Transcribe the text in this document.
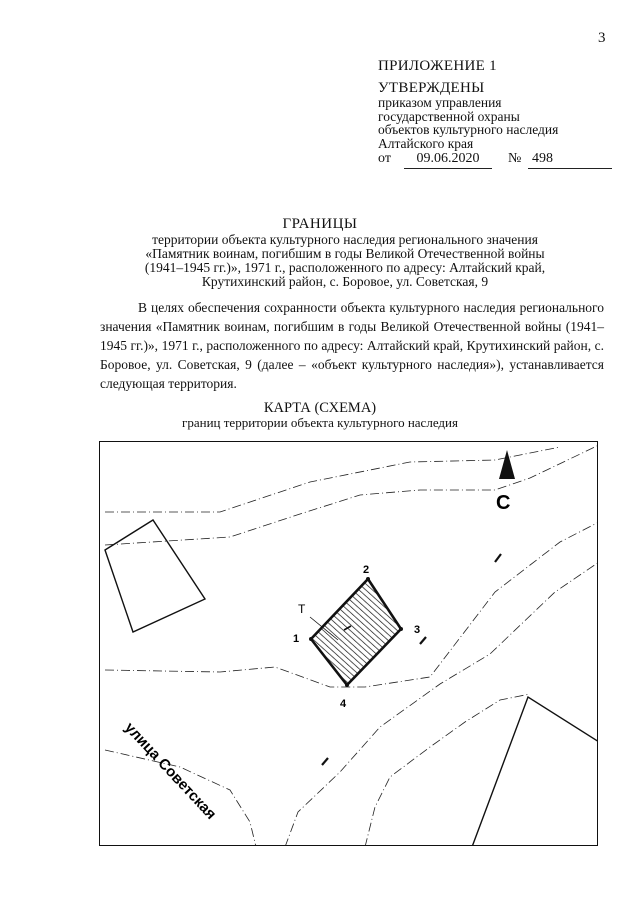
3
ПРИЛОЖЕНИЕ 1
УТВЕРЖДЕНЫ
приказом управления
государственной охраны
объектов культурного наследия
Алтайского края
от	09.06.2020	№ 498
ГРАНИЦЫ
территории объекта культурного наследия регионального значения
«Памятник воинам, погибшим в годы Великой Отечественной войны
(1941–1945 гг.)», 1971 г., расположенного по адресу: Алтайский край,
Крутихинский район, с. Боровое, ул. Советская, 9
В целях обеспечения сохранности объекта культурного наследия регионального значения «Памятник воинам, погибшим в годы Великой Отечественной войны (1941–1945 гг.)», 1971 г., расположенного по адресу: Алтайский край, Крутихинский район, с. Боровое, ул. Советская, 9 (далее – «объект культурного наследия»), устанавливается следующая территория.
КАРТА (СХЕМА)
границ территории объекта культурного наследия
1
2
3
4
Т
С
улица Советская
